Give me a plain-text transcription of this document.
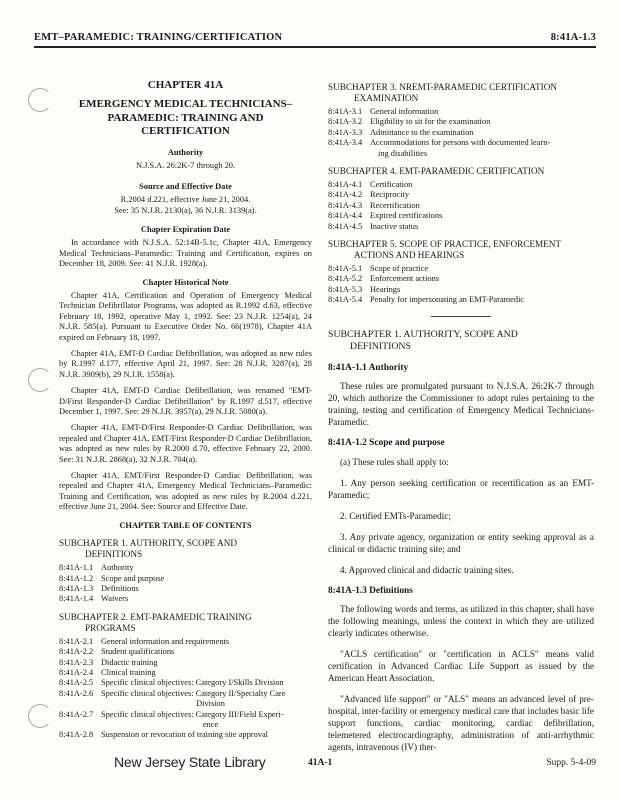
EMT–PARAMEDIC: TRAINING/CERTIFICATION	8:41A-1.3
CHAPTER 41A
EMERGENCY MEDICAL TECHNICIANS–
PARAMEDIC: TRAINING AND
CERTIFICATION
Authority
N.J.S.A. 26:2K-7 through 20.
Source and Effective Date
R.2004 d.221, effective June 21, 2004.
See: 35 N.J.R. 2130(a), 36 N.J.R. 3139(a).
Chapter Expiration Date

In accordance with N.J.S.A. 52:14B-5.1c, Chapter 41A, Emergency Medical Technicians–Paramedic: Training and Certification, expires on December 18, 2009. See: 41 N.J.R. 1928(a).

Chapter Historical Note

Chapter 41A, Certification and Operation of Emergency Medical Technician Defibrillator Programs, was adopted as R.1992 d.63, effective February 18, 1992, operative May 1, 1992. See: 23 N.J.R. 1254(a), 24 N.J.R. 585(a). Pursuant to Executive Order No. 66(1978), Chapter 41A expired on February 18, 1997.

Chapter 41A, EMT-D Cardiac Defibrillation, was adopted as new rules by R.1997 d.177, effective April 21, 1997. See: 28 N.J.R. 3287(a), 28 N.J.R. 3909(b), 29 N.J.R. 1558(a).

Chapter 41A, EMT-D Cardiac Defibrillation, was renamed "EMT-D/First Responder-D Cardiac Defibrillation" by R.1997 d.517, effective December 1, 1997. See: 29 N.J.R. 3957(a), 29 N.J.R. 5080(a).

Chapter 41A, EMT-D/First Responder-D Cardiac Defibrillation, was repealed and Chapter 41A, EMT/First Responder-D Cardiac Defibrillation, was adopted as new rules by R.2000 d.70, effective February 22, 2000. See: 31 N.J.R. 2868(a), 32 N.J.R. 704(a).

Chapter 41A, EMT/First Responder-D Cardiac Defibrillation, was repealed and Chapter 41A, Emergency Medical Technicians–Paramedic: Training and Certification, was adopted as new rules by R.2004 d.221, effective June 21, 2004. See: Source and Effective Date.

CHAPTER TABLE OF CONTENTS
SUBCHAPTER 1. AUTHORITY, SCOPE AND
DEFINITIONS
8:41A-1.1 Authority
8:41A-1.2 Scope and purpose
8:41A-1.3 Definitions
8:41A-1.4 Waivers
SUBCHAPTER 2. EMT-PARAMEDIC TRAINING
PROGRAMS
8:41A-2.1 General information and requirements
8:41A-2.2 Student qualifications
8:41A-2.3 Didactic training
8:41A-2.4 Clinical training
8:41A-2.5 Specific clinical objectives: Category I/Skills Division
8:41A-2.6 Specific clinical objectives: Category II/Specialty Care
Division
8:41A-2.7 Specific clinical objectives: Category III/Field Experi-
ence
8:41A-2.8 Suspension or revocation of training site approval
SUBCHAPTER 3. NREMT-PARAMEDIC CERTIFICATION
EXAMINATION
8:41A-3.1 General information
8:41A-3.2 Eligibility to sit for the examination
8:41A-3.3 Admittance to the examination
8:41A-3.4 Accommodations for persons with documented learn-
ing disabilities
SUBCHAPTER 4. EMT-PARAMEDIC CERTIFICATION
8:41A-4.1 Certification
8:41A-4.2 Reciprocity
8:41A-4.3 Recertification
8:41A-4.4 Expired certifications
8:41A-4.5 Inactive status
SUBCHAPTER 5. SCOPE OF PRACTICE, ENFORCEMENT
ACTIONS AND HEARINGS
8:41A-5.1 Scope of practice
8:41A-5.2 Enforcement actions
8:41A-5.3 Hearings
8:41A-5.4 Penalty for impersonating an EMT-Paramedic
SUBCHAPTER 1. AUTHORITY, SCOPE AND
DEFINITIONS
8:41A-1.1 Authority

These rules are promulgated pursuant to N.J.S.A. 26:2K-7 through 20, which authorize the Commissioner to adopt rules pertaining to the training, testing and certification of Emergency Medical Technicians-Paramedic.

8:41A-1.2 Scope and purpose

(a) These rules shall apply to:

1. Any person seeking certification or recertification as an EMT-Paramedic;

2. Certified EMTs-Paramedic;

3. Any private agency, organization or entity seeking approval as a clinical or didactic training site; and

4. Approved clinical and didactic training sites.

8:41A-1.3 Definitions

The following words and terms, as utilized in this chapter, shall have the following meanings, unless the context in which they are utilized clearly indicates otherwise.

"ACLS certification" or "certification in ACLS" means valid certification in Advanced Cardiac Life Support as issued by the American Heart Association.

"Advanced life support" or "ALS" means an advanced level of pre-hospital, inter-facility or emergency medical care that includes basic life support functions, cardiac monitoring, cardiac defibrillation, telemetered electrocardiography, administration of anti-arrhythmic agents, intravenous (IV) ther-

New Jersey State Library	41A-1	Supp. 5-4-09
